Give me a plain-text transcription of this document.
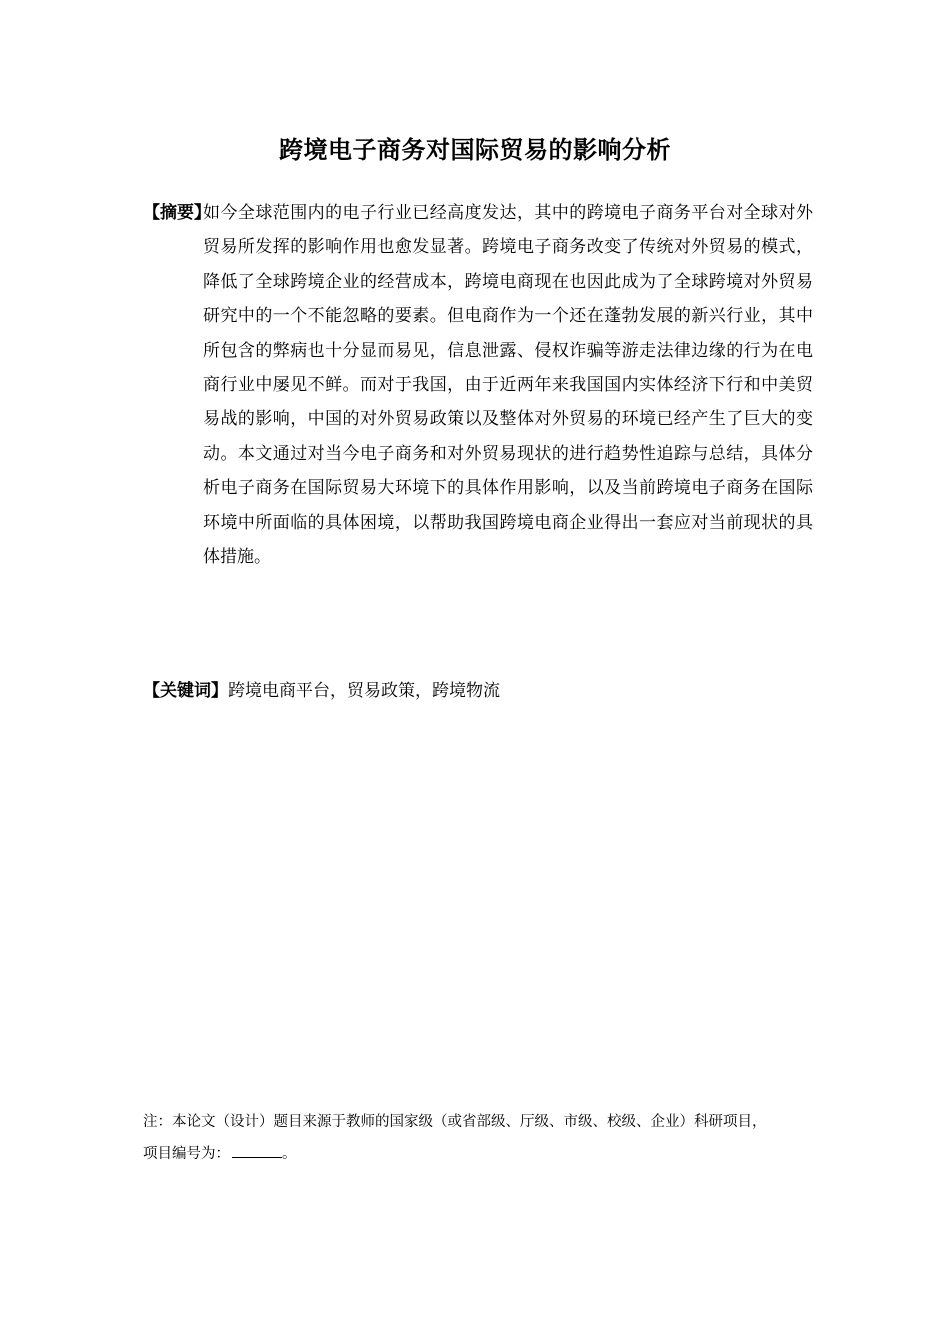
跨境电子商务对国际贸易的影响分析
【摘要】
如今全球范围内的电子行业已经高度发达，其中的跨境电子商务平台对全球对外贸易所发挥的影响作用也愈发显著。跨境电子商务改变了传统对外贸易的模式，降低了全球跨境企业的经营成本，跨境电商现在也因此成为了全球跨境对外贸易研究中的一个不能忽略的要素。但电商作为一个还在蓬勃发展的新兴行业，其中所包含的弊病也十分显而易见，信息泄露、侵权诈骗等游走法律边缘的行为在电商行业中屡见不鲜。而对于我国，由于近两年来我国国内实体经济下行和中美贸易战的影响，中国的对外贸易政策以及整体对外贸易的环境已经产生了巨大的变动。本文通过对当今电子商务和对外贸易现状的进行趋势性追踪与总结，具体分析电子商务在国际贸易大环境下的具体作用影响，以及当前跨境电子商务在国际环境中所面临的具体困境，以帮助我国跨境电商企业得出一套应对当前现状的具体措施。
【关键词】跨境电商平台，贸易政策，跨境物流
注：本论文（设计）题目来源于教师的国家级（或省部级、厅级、市级、校级、企业）科研项目，
项目编号为：	。
